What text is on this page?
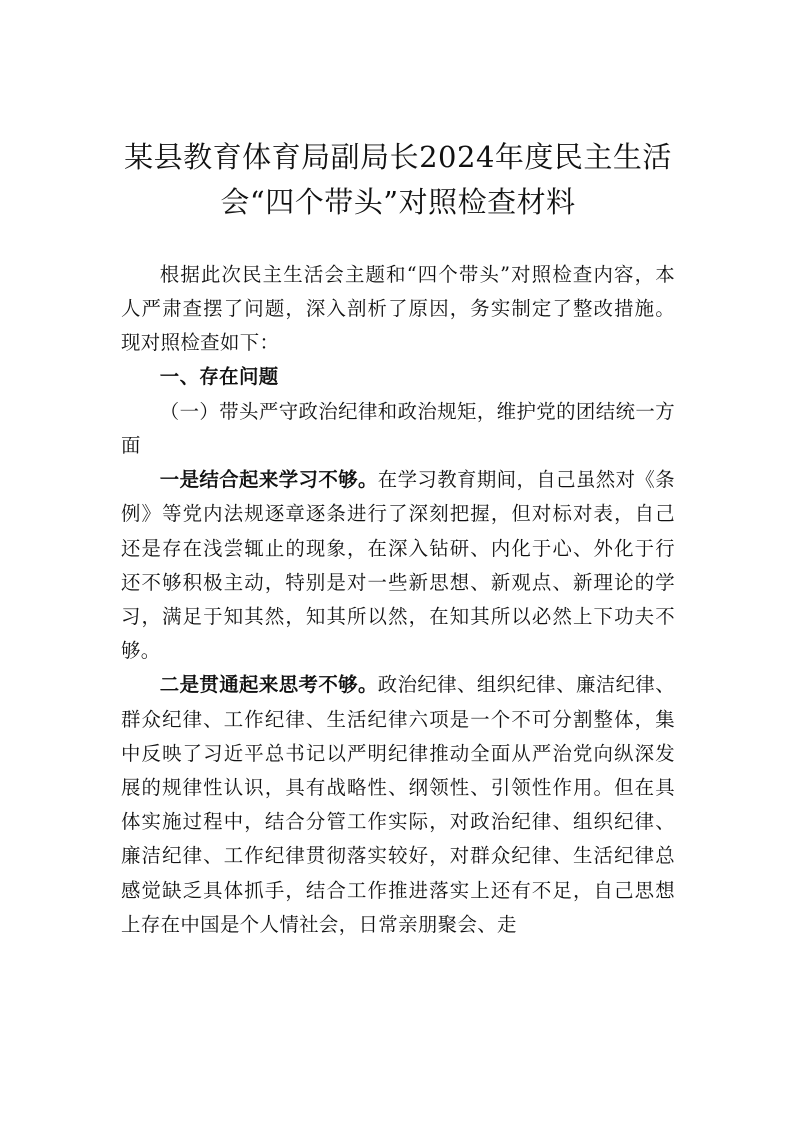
某县教育体育局副局长2024年度民主生活
会“四个带头”对照检查材料

根据此次民主生活会主题和“四个带头”对照检查内容，本人严肃查摆了问题，深入剖析了原因，务实制定了整改措施。现对照检查如下：

一、存在问题

（一）带头严守政治纪律和政治规矩，维护党的团结统一方面

一是结合起来学习不够。在学习教育期间，自己虽然对《条例》等党内法规逐章逐条进行了深刻把握，但对标对表，自己还是存在浅尝辄止的现象，在深入钻研、内化于心、外化于行还不够积极主动，特别是对一些新思想、新观点、新理论的学习，满足于知其然，知其所以然，在知其所以必然上下功夫不够。

二是贯通起来思考不够。政治纪律、组织纪律、廉洁纪律、群众纪律、工作纪律、生活纪律六项是一个不可分割整体，集中反映了习近平总书记以严明纪律推动全面从严治党向纵深发展的规律性认识，具有战略性、纲领性、引领性作用。但在具体实施过程中，结合分管工作实际，对政治纪律、组织纪律、廉洁纪律、工作纪律贯彻落实较好，对群众纪律、生活纪律总感觉缺乏具体抓手，结合工作推进落实上还有不足，自己思想上存在中国是个人情社会，日常亲朋聚会、走
